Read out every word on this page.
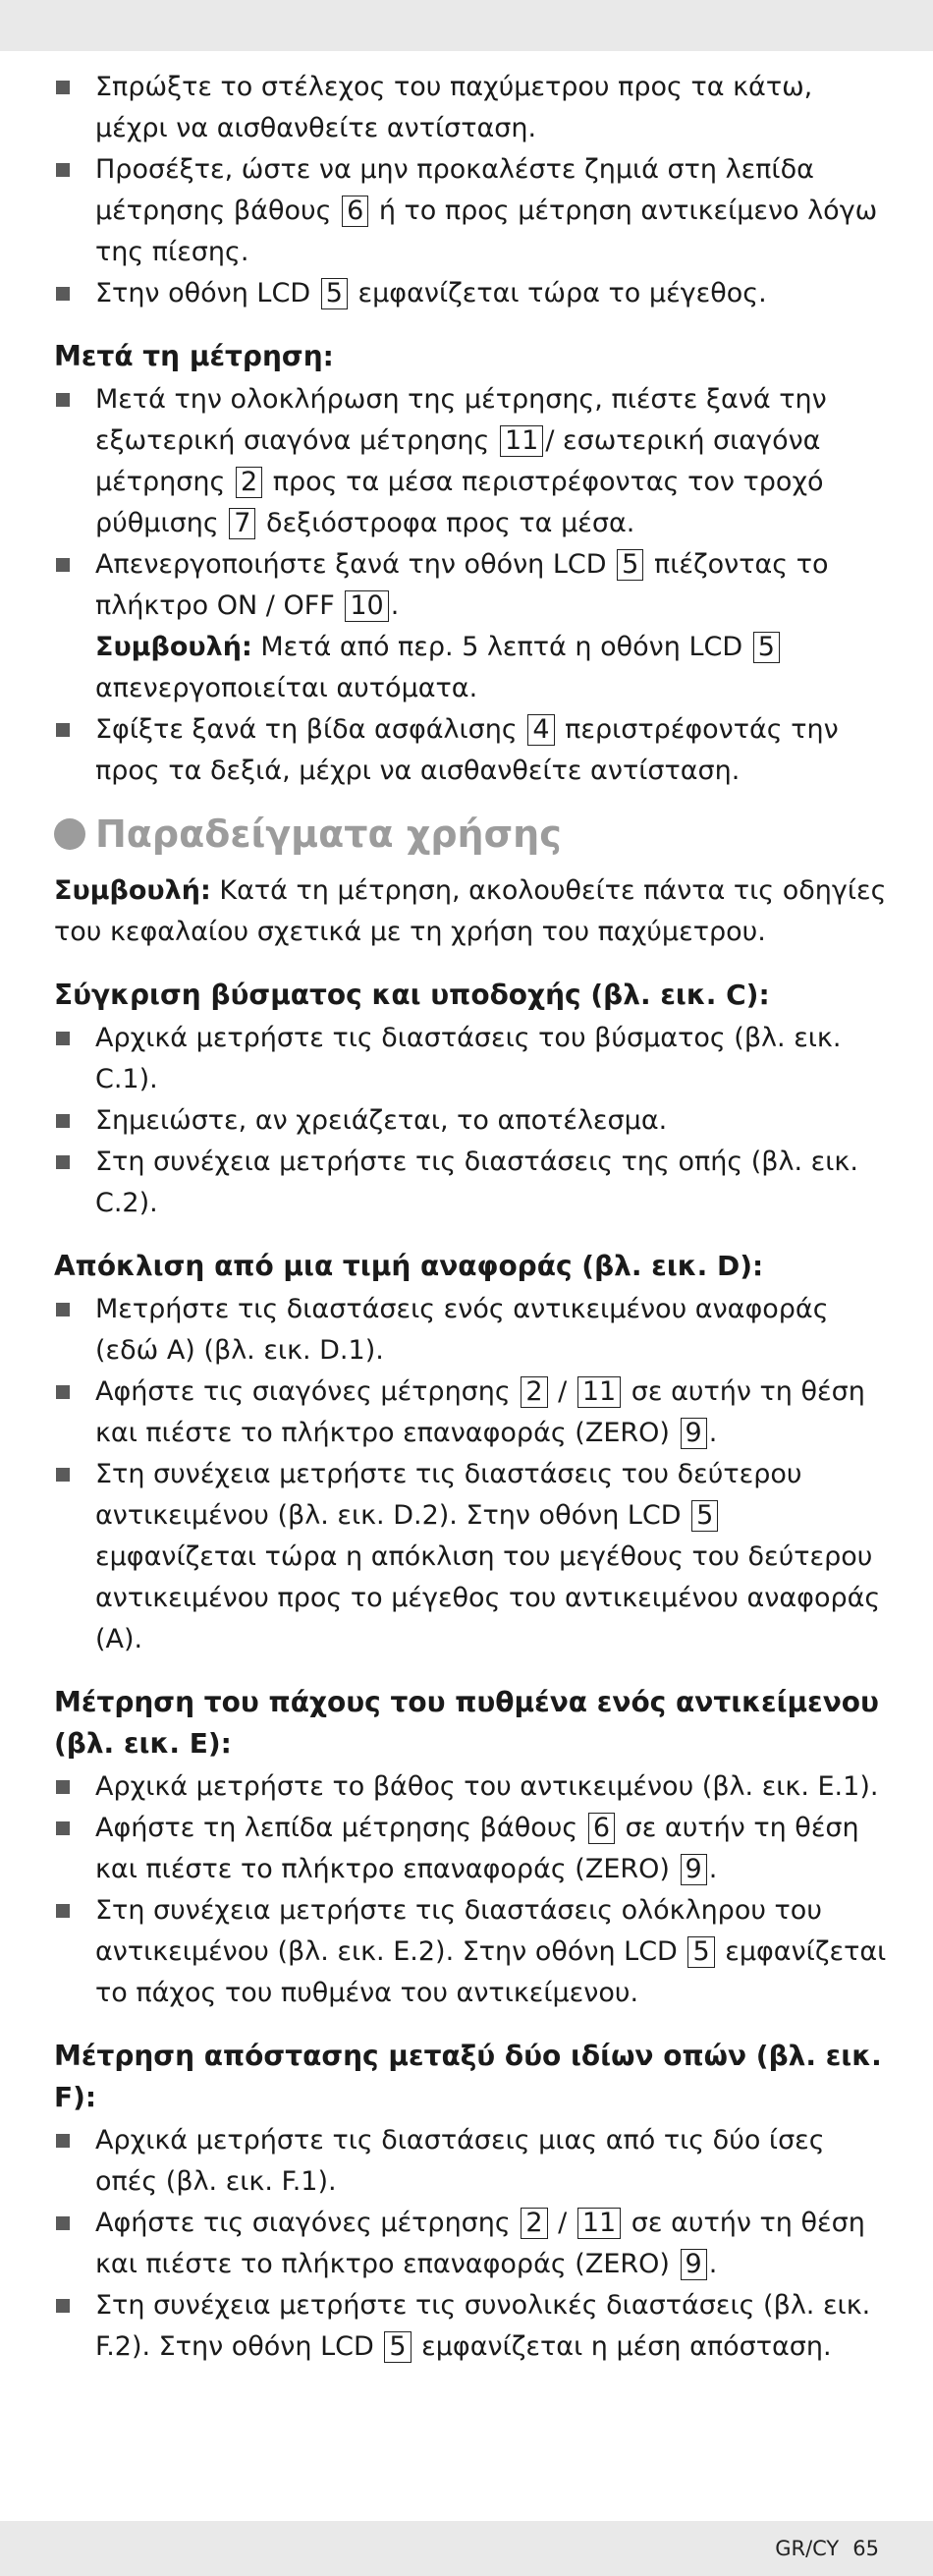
Σπρώξτε το στέλεχος του παχύμετρου προς τα κάτω, μέχρι να αισθανθείτε αντίσταση.
Προσέξτε, ώστε να μην προκαλέστε ζημιά στη λεπίδα μέτρησης βάθους 6 ή το προς μέτρηση αντικείμενο λόγω της πίεσης.
Στην οθόνη LCD 5 εμφανίζεται τώρα το μέγεθος.
Μετά τη μέτρηση:
Μετά την ολοκλήρωση της μέτρησης, πιέστε ξανά την εξωτερική σιαγόνα μέτρησης 11 / εσωτερική σιαγόνα μέτρησης 2 προς τα μέσα περιστρέφοντας τον τροχό ρύθμισης 7 δεξιόστροφα προς τα μέσα.
Απενεργοποιήστε ξανά την οθόνη LCD 5 πιέζοντας το πλήκτρο ON / OFF 10 .
Συμβουλή: Μετά από περ. 5 λεπτά η οθόνη LCD 5 απενεργοποιείται αυτόματα.
Σφίξτε ξανά τη βίδα ασφάλισης 4 περιστρέφοντάς την προς τα δεξιά, μέχρι να αισθανθείτε αντίσταση.
Παραδείγματα χρήσης
Συμβουλή: Κατά τη μέτρηση, ακολουθείτε πάντα τις οδηγίες του κεφαλαίου σχετικά με τη χρήση του παχύμετρου.
Σύγκριση βύσματος και υποδοχής (βλ. εικ. C):
Αρχικά μετρήστε τις διαστάσεις του βύσματος (βλ. εικ. C.1).
Σημειώστε, αν χρειάζεται, το αποτέλεσμα.
Στη συνέχεια μετρήστε τις διαστάσεις της οπής (βλ. εικ. C.2).
Απόκλιση από μια τιμή αναφοράς (βλ. εικ. D):
Μετρήστε τις διαστάσεις ενός αντικειμένου αναφοράς (εδώ A) (βλ. εικ. D.1).
Αφήστε τις σιαγόνες μέτρησης 2 / 11 σε αυτήν τη θέση και πιέστε το πλήκτρο επαναφοράς (ZERO) 9 .
Στη συνέχεια μετρήστε τις διαστάσεις του δεύτερου αντικειμένου (βλ. εικ. D.2). Στην οθόνη LCD 5 εμφανίζεται τώρα η απόκλιση του μεγέθους του δεύτερου αντικειμένου προς το μέγεθος του αντικειμένου αναφοράς (A).
Μέτρηση του πάχους του πυθμένα ενός αντικείμενου (βλ. εικ. E):
Αρχικά μετρήστε το βάθος του αντικειμένου (βλ. εικ. E.1).
Αφήστε τη λεπίδα μέτρησης βάθους 6 σε αυτήν τη θέση και πιέστε το πλήκτρο επαναφοράς (ZERO) 9 .
Στη συνέχεια μετρήστε τις διαστάσεις ολόκληρου του αντικειμένου (βλ. εικ. E.2). Στην οθόνη LCD 5 εμφανίζεται το πάχος του πυθμένα του αντικείμενου.
Μέτρηση απόστασης μεταξύ δύο ιδίων οπών (βλ. εικ. F):
Αρχικά μετρήστε τις διαστάσεις μιας από τις δύο ίσες οπές (βλ. εικ. F.1).
Αφήστε τις σιαγόνες μέτρησης 2 / 11 σε αυτήν τη θέση και πιέστε το πλήκτρο επαναφοράς (ZERO) 9 .
Στη συνέχεια μετρήστε τις συνολικές διαστάσεις (βλ. εικ. F.2). Στην οθόνη LCD 5 εμφανίζεται η μέση απόσταση.
GR/CY 65
